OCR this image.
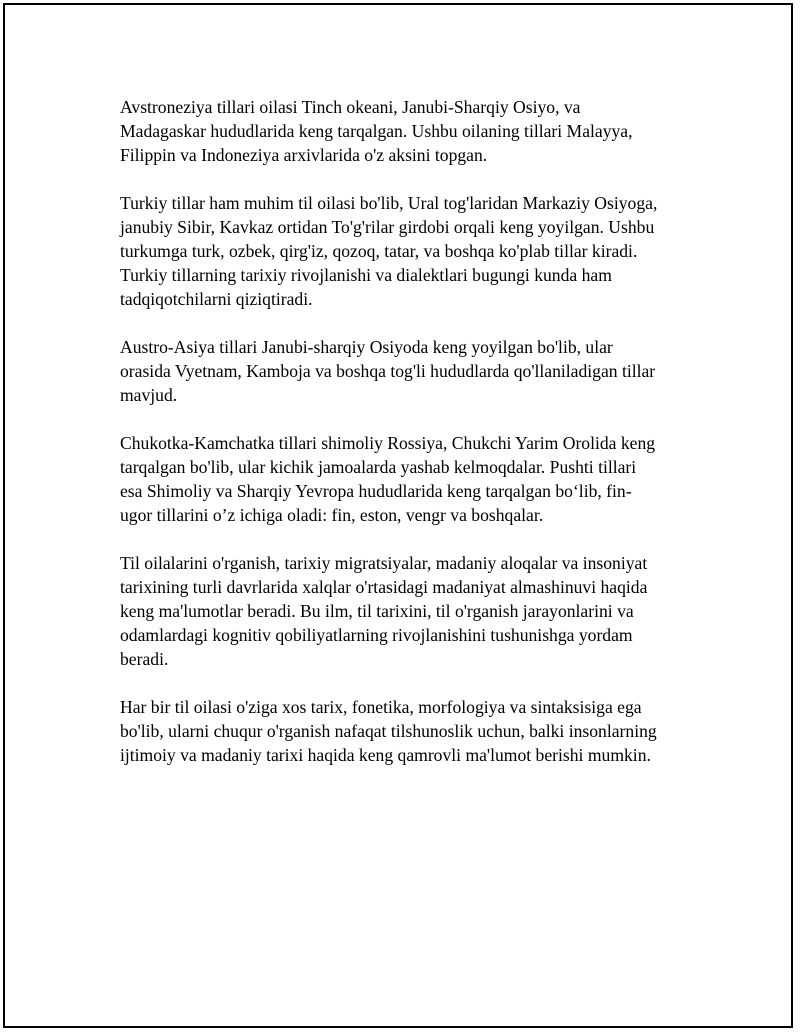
Avstroneziya tillari oilasi Tinch okeani, Janubi-Sharqiy Osiyo, va
Madagaskar hududlarida keng tarqalgan. Ushbu oilaning tillari Malayya,
Filippin va Indoneziya arxivlarida o'z aksini topgan.

Turkiy tillar ham muhim til oilasi bo'lib, Ural tog'laridan Markaziy Osiyoga,
janubiy Sibir, Kavkaz ortidan To'g'rilar girdobi orqali keng yoyilgan. Ushbu
turkumga turk, ozbek, qirg'iz, qozoq, tatar, va boshqa ko'plab tillar kiradi.
Turkiy tillarning tarixiy rivojlanishi va dialektlari bugungi kunda ham
tadqiqotchilarni qiziqtiradi.

Austro-Asiya tillari Janubi-sharqiy Osiyoda keng yoyilgan bo'lib, ular
orasida Vyetnam, Kamboja va boshqa tog'li hududlarda qo'llaniladigan tillar
mavjud.

Chukotka-Kamchatka tillari shimoliy Rossiya, Chukchi Yarim Orolida keng
tarqalgan bo'lib, ular kichik jamoalarda yashab kelmoqdalar. Pushti tillari
esa Shimoliy va Sharqiy Yevropa hududlarida keng tarqalgan bo‘lib, fin-
ugor tillarini o’z ichiga oladi: fin, eston, vengr va boshqalar.

Til oilalarini o'rganish, tarixiy migratsiyalar, madaniy aloqalar va insoniyat
tarixining turli davrlarida xalqlar o'rtasidagi madaniyat almashinuvi haqida
keng ma'lumotlar beradi. Bu ilm, til tarixini, til o'rganish jarayonlarini va
odamlardagi kognitiv qobiliyatlarning rivojlanishini tushunishga yordam
beradi.

Har bir til oilasi o'ziga xos tarix, fonetika, morfologiya va sintaksisiga ega
bo'lib, ularni chuqur o'rganish nafaqat tilshunoslik uchun, balki insonlarning
ijtimoiy va madaniy tarixi haqida keng qamrovli ma'lumot berishi mumkin.
